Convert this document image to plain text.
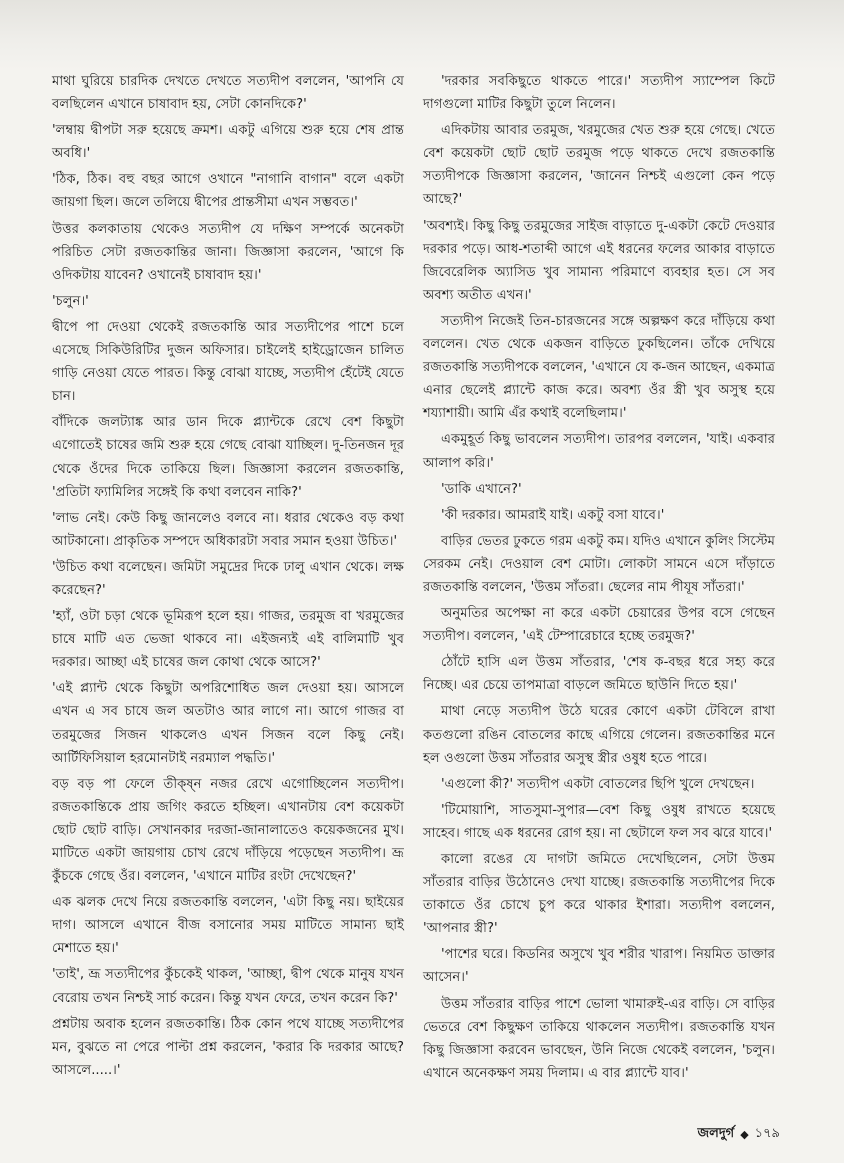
মাথা ঘুরিয়ে চারদিক দেখতে দেখতে সত্যদীপ বললেন, 'আপনি যে বলছিলেন এখানে চাষাবাদ হয়, সেটা কোনদিকে?'

'লম্বায় দ্বীপটা সরু হয়েছে ক্রমশ। একটু এগিয়ে শুরু হয়ে শেষ প্রান্ত অবধি।'

'ঠিক, ঠিক। বহু বছর আগে ওখানে "নাগানি বাগান" বলে একটা জায়গা ছিল। জলে তলিয়ে দ্বীপের প্রান্তসীমা এখন সম্ভবত।'

উত্তর কলকাতায় থেকেও সত্যদীপ যে দক্ষিণ সম্পর্কে অনেকটা পরিচিত সেটা রজতকান্তির জানা। জিজ্ঞাসা করলেন, 'আগে কি ওদিকটায় যাবেন? ওখানেই চাষাবাদ হয়।'

'চলুন।'

দ্বীপে পা দেওয়া থেকেই রজতকান্তি আর সত্যদীপের পাশে চলে এসেছে সিকিউরিটির দুজন অফিসার। চাইলেই হাইড্রোজেন চালিত গাড়ি নেওয়া যেতে পারত। কিন্তু বোঝা যাচ্ছে, সত্যদীপ হেঁটেই যেতে চান।

বাঁদিকে জলট্যাঙ্ক আর ডান দিকে প্ল্যান্টকে রেখে বেশ কিছুটা এগোতেই চাষের জমি শুরু হয়ে গেছে বোঝা যাচ্ছিল। দু-তিনজন দূর থেকে ওঁদের দিকে তাকিয়ে ছিল। জিজ্ঞাসা করলেন রজতকান্তি, 'প্রতিটা ফ্যামিলির সঙ্গেই কি কথা বলবেন নাকি?'

'লাভ নেই। কেউ কিছু জানলেও বলবে না। ধরার থেকেও বড় কথা আটকানো। প্রাকৃতিক সম্পদে অধিকারটা সবার সমান হওয়া উচিত।'

'উচিত কথা বলেছেন। জমিটা সমুদ্রের দিকে ঢালু এখান থেকে। লক্ষ করেছেন?'

'হ্যাঁ, ওটা চড়া থেকে ভূমিরূপ হলে হয়। গাজর, তরমুজ বা খরমুজের চাষে মাটি এত ভেজা থাকবে না। এইজন্যই এই বালিমাটি খুব দরকার। আচ্ছা এই চাষের জল কোথা থেকে আসে?'

'এই প্ল্যান্ট থেকে কিছুটা অপরিশোধিত জল দেওয়া হয়। আসলে এখন এ সব চাষে জল অতটাও আর লাগে না। আগে গাজর বা তরমুজের সিজন থাকলেও এখন সিজন বলে কিছু নেই। আর্টিফিসিয়াল হরমোনটাই নরম্যাল পদ্ধতি।'

বড় বড় পা ফেলে তীক্ষ্ন নজর রেখে এগোচ্ছিলেন সত্যদীপ। রজতকান্তিকে প্রায় জগিং করতে হচ্ছিল। এখানটায় বেশ কয়েকটা ছোট ছোট বাড়ি। সেখানকার দরজা-জানালাতেও কয়েকজনের মুখ। মাটিতে একটা জায়গায় চোখ রেখে দাঁড়িয়ে পড়েছেন সত্যদীপ। ভ্রূ কুঁচকে গেছে ওঁর। বললেন, 'এখানে মাটির রংটা দেখেছেন?'

এক ঝলক দেখে নিয়ে রজতকান্তি বললেন, 'এটা কিছু নয়। ছাইয়ের দাগ। আসলে এখানে বীজ বসানোর সময় মাটিতে সামান্য ছাই মেশাতে হয়।'

'তাই', ভ্রূ সত্যদীপের কুঁচকেই থাকল, 'আচ্ছা, দ্বীপ থেকে মানুষ যখন বেরোয় তখন নিশ্চই সার্চ করেন। কিন্তু যখন ফেরে, তখন করেন কি?'

প্রশ্নটায় অবাক হলেন রজতকান্তি। ঠিক কোন পথে যাচ্ছে সত্যদীপের মন, বুঝতে না পেরে পাল্টা প্রশ্ন করলেন, 'করার কি দরকার আছে? আসলে.....।'

'দরকার সবকিছুতে থাকতে পারে।' সত্যদীপ স্যাম্পেল কিটে দাগগুলো মাটির কিছুটা তুলে নিলেন।

এদিকটায় আবার তরমুজ, খরমুজের খেত শুরু হয়ে গেছে। খেতে বেশ কয়েকটা ছোট ছোট তরমুজ পড়ে থাকতে দেখে রজতকান্তি সত্যদীপকে জিজ্ঞাসা করলেন, 'জানেন নিশ্চই এগুলো কেন পড়ে আছে?'

'অবশ্যই। কিছু কিছু তরমুজের সাইজ বাড়াতে দু-একটা কেটে দেওয়ার দরকার পড়ে। আধ-শতাব্দী আগে এই ধরনের ফলের আকার বাড়াতে জিবেরেলিক অ্যাসিড খুব সামান্য পরিমাণে ব্যবহার হত। সে সব অবশ্য অতীত এখন।'

সত্যদীপ নিজেই তিন-চারজনের সঙ্গে অল্পক্ষণ করে দাঁড়িয়ে কথা বললেন। খেত থেকে একজন বাড়িতে ঢুকছিলেন। তাঁকে দেখিয়ে রজতকান্তি সত্যদীপকে বললেন, 'এখানে যে ক-জন আছেন, একমাত্র এনার ছেলেই প্ল্যান্টে কাজ করে। অবশ্য ওঁর স্ত্রী খুব অসুস্থ হয়ে শয্যাশায়ী। আমি এঁর কথাই বলেছিলাম।'

একমুহূর্ত কিছু ভাবলেন সত্যদীপ। তারপর বললেন, 'যাই। একবার আলাপ করি।'

'ডাকি এখানে?'

'কী দরকার। আমরাই যাই। একটু বসা যাবে।'

বাড়ির ভেতর ঢুকতে গরম একটু কম। যদিও এখানে কুলিং সিস্টেম সেরকম নেই। দেওয়াল বেশ মোটা। লোকটা সামনে এসে দাঁড়াতে রজতকান্তি বললেন, 'উত্তম সাঁতরা। ছেলের নাম পীযূষ সাঁতরা।'

অনুমতির অপেক্ষা না করে একটা চেয়ারের উপর বসে গেছেন সত্যদীপ। বললেন, 'এই টেম্পারেচারে হচ্ছে তরমুজ?'

ঠোঁটে হাসি এল উত্তম সাঁতরার, 'শেষ ক-বছর ধরে সহ্য করে নিচ্ছে। এর চেয়ে তাপমাত্রা বাড়লে জমিতে ছাউনি দিতে হয়।'

মাথা নেড়ে সত্যদীপ উঠে ঘরের কোণে একটা টেবিলে রাখা কতগুলো রঙিন বোতলের কাছে এগিয়ে গেলেন। রজতকান্তির মনে হল ওগুলো উত্তম সাঁতরার অসুস্থ স্ত্রীর ওষুধ হতে পারে।

'এগুলো কী?' সত্যদীপ একটা বোতলের ছিপি খুলে দেখছেন।

'টিমোয়াশি, সাতসুমা-সুপার—বেশ কিছু ওষুধ রাখতে হয়েছে সাহেব। গাছে এক ধরনের রোগ হয়। না ছেটালে ফল সব ঝরে যাবে।'

কালো রঙের যে দাগটা জমিতে দেখেছিলেন, সেটা উত্তম সাঁতরার বাড়ির উঠোনেও দেখা যাচ্ছে। রজতকান্তি সত্যদীপের দিকে তাকাতে ওঁর চোখে চুপ করে থাকার ইশারা। সত্যদীপ বললেন, 'আপনার স্ত্রী?'

'পাশের ঘরে। কিডনির অসুখে খুব শরীর খারাপ। নিয়মিত ডাক্তার আসেন।'

উত্তম সাঁতরার বাড়ির পাশে ভোলা খামারুই-এর বাড়ি। সে বাড়ির ভেতরে বেশ কিছুক্ষণ তাকিয়ে থাকলেন সত্যদীপ। রজতকান্তি যখন কিছু জিজ্ঞাসা করবেন ভাবছেন, উনি নিজে থেকেই বললেন, 'চলুন। এখানে অনেকক্ষণ সময় দিলাম। এ বার প্ল্যান্টে যাব।'

জলদুর্গ ◆ ১৭৯
